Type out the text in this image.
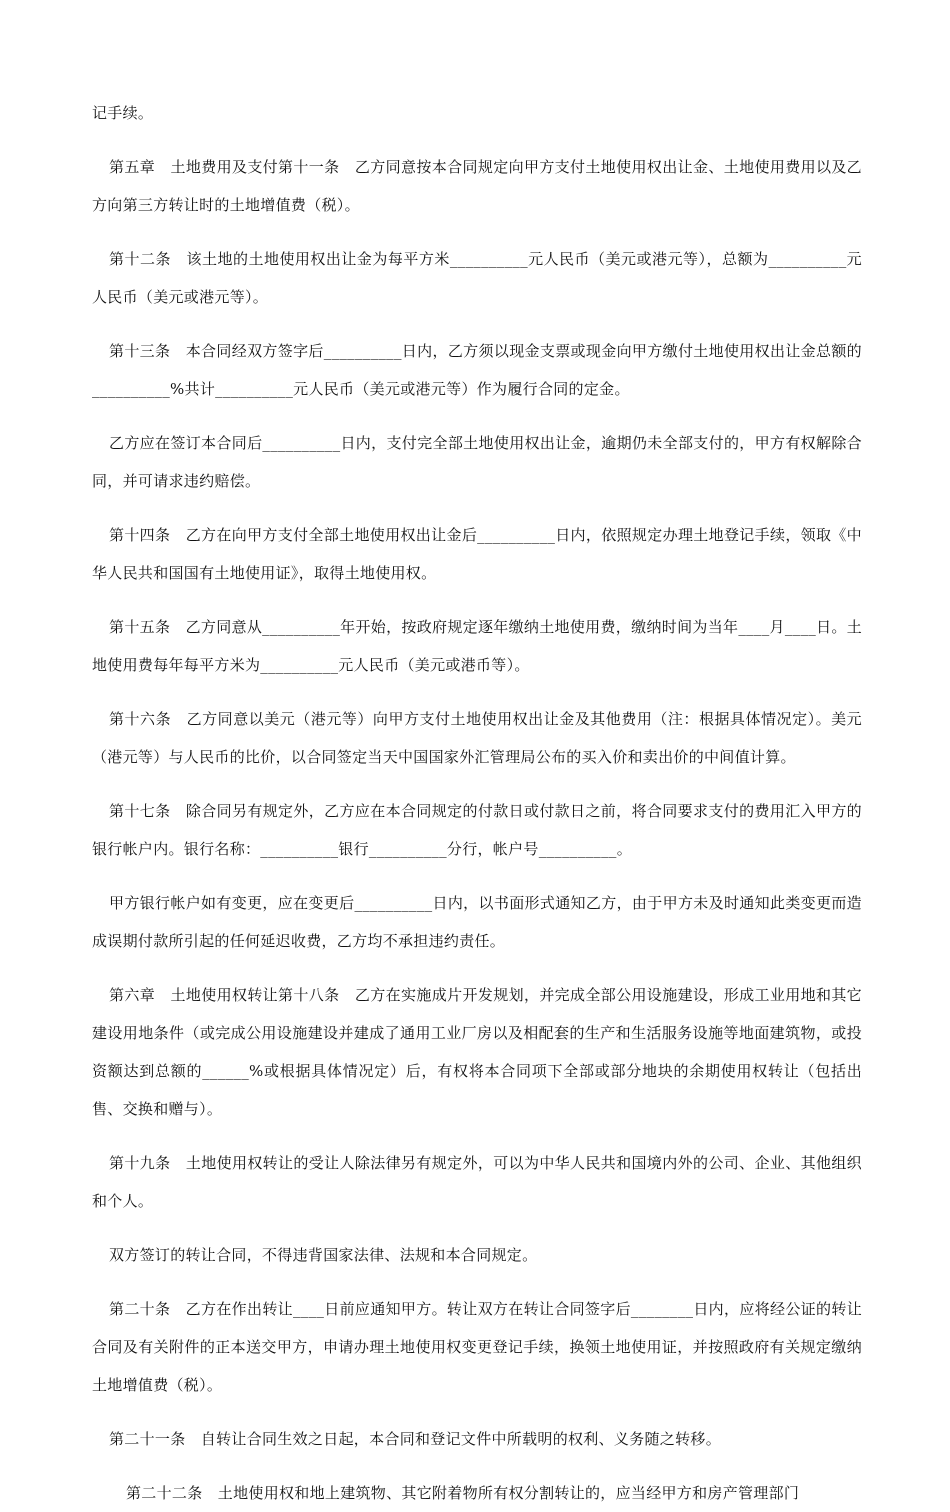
记手续。

第五章　土地费用及支付第十一条　乙方同意按本合同规定向甲方支付土地使用权出让金、土地使用费用以及乙方向第三方转让时的土地增值费（税）。

第十二条　该土地的土地使用权出让金为每平方米__________元人民币（美元或港元等），总额为__________元人民币（美元或港元等）。

第十三条　本合同经双方签字后__________日内，乙方须以现金支票或现金向甲方缴付土地使用权出让金总额的__________%共计__________元人民币（美元或港元等）作为履行合同的定金。

乙方应在签订本合同后__________日内，支付完全部土地使用权出让金，逾期仍未全部支付的，甲方有权解除合同，并可请求违约赔偿。

第十四条　乙方在向甲方支付全部土地使用权出让金后__________日内，依照规定办理土地登记手续，领取《中华人民共和国国有土地使用证》，取得土地使用权。

第十五条　乙方同意从__________年开始，按政府规定逐年缴纳土地使用费，缴纳时间为当年____月____日。土地使用费每年每平方米为__________元人民币（美元或港币等）。

第十六条　乙方同意以美元（港元等）向甲方支付土地使用权出让金及其他费用（注：根据具体情况定）。美元（港元等）与人民币的比价，以合同签定当天中国国家外汇管理局公布的买入价和卖出价的中间值计算。

第十七条　除合同另有规定外，乙方应在本合同规定的付款日或付款日之前，将合同要求支付的费用汇入甲方的银行帐户内。银行名称：__________银行__________分行，帐户号__________。

甲方银行帐户如有变更，应在变更后__________日内，以书面形式通知乙方，由于甲方未及时通知此类变更而造成误期付款所引起的任何延迟收费，乙方均不承担违约责任。

第六章　土地使用权转让第十八条　乙方在实施成片开发规划，并完成全部公用设施建设，形成工业用地和其它建设用地条件（或完成公用设施建设并建成了通用工业厂房以及相配套的生产和生活服务设施等地面建筑物，或投资额达到总额的______%或根据具体情况定）后，有权将本合同项下全部或部分地块的余期使用权转让（包括出售、交换和赠与）。

第十九条　土地使用权转让的受让人除法律另有规定外，可以为中华人民共和国境内外的公司、企业、其他组织和个人。

双方签订的转让合同，不得违背国家法律、法规和本合同规定。

第二十条　乙方在作出转让____日前应通知甲方。转让双方在转让合同签字后________日内，应将经公证的转让合同及有关附件的正本送交甲方，申请办理土地使用权变更登记手续，换领土地使用证，并按照政府有关规定缴纳土地增值费（税）。

第二十一条　自转让合同生效之日起，本合同和登记文件中所载明的权利、义务随之转移。

第二十二条　土地使用权和地上建筑物、其它附着物所有权分割转让的，应当经甲方和房产管理部门
